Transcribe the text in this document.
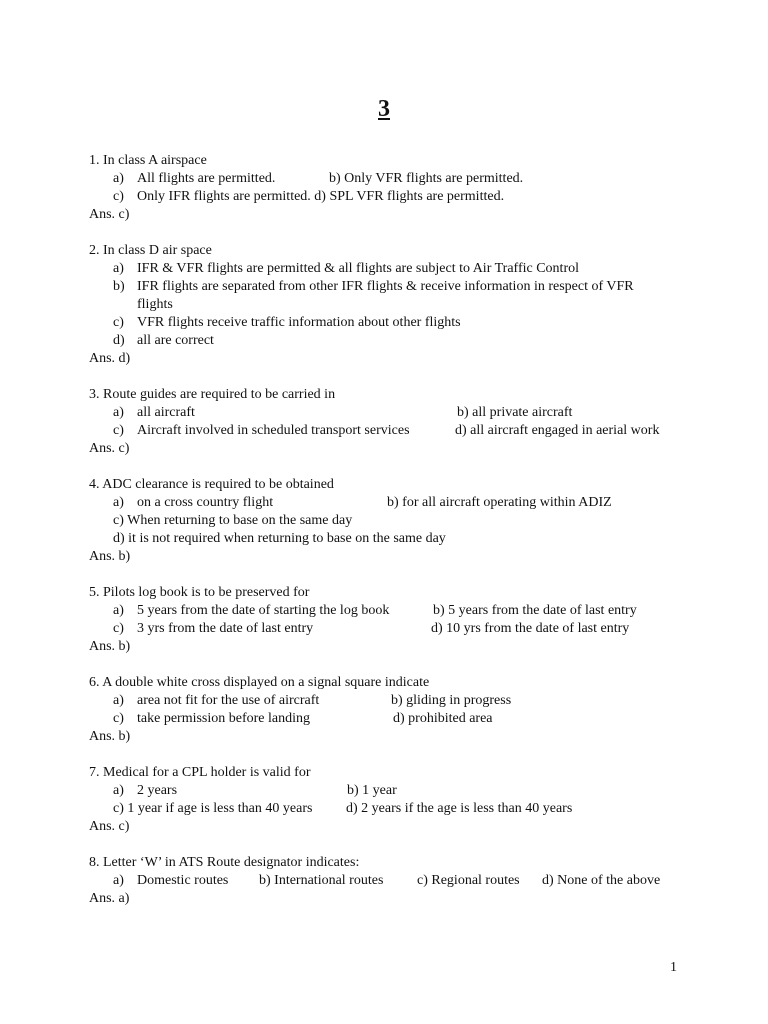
3
1. In class A airspace
a) All flights are permitted.	b) Only VFR flights are permitted.
c) Only IFR flights are permitted. d) SPL VFR flights are permitted.
Ans. c)
2. In class D air space
a) IFR & VFR flights are permitted & all flights are subject to Air Traffic Control
b) IFR flights are separated from other IFR flights & receive information in respect of VFR
flights
c) VFR flights receive traffic information about other flights
d) all are correct
Ans. d)
3. Route guides are required to be carried in
a) all aircraft	b) all private aircraft
c) Aircraft involved in scheduled transport services	d) all aircraft engaged in aerial work
Ans. c)
4. ADC clearance is required to be obtained
a) on a cross country flight	b) for all aircraft operating within ADIZ
c) When returning to base on the same day
d) it is not required when returning to base on the same day
Ans. b)
5. Pilots log book is to be preserved for
a) 5 years from the date of starting the log book	b) 5 years from the date of last entry
c) 3 yrs from the date of last entry	d) 10 yrs from the date of last entry
Ans. b)
6. A double white cross displayed on a signal square indicate
a) area not fit for the use of aircraft	b) gliding in progress
c) take permission before landing	d) prohibited area
Ans. b)
7. Medical for a CPL holder is valid for
a) 2 years	b) 1 year
c) 1 year if age is less than 40 years d) 2 years if the age is less than 40 years
Ans. c)
8. Letter ‘W’ in ATS Route designator indicates:
a) Domestic routes b) International routes c) Regional routes d) None of the above
Ans. a)
1
